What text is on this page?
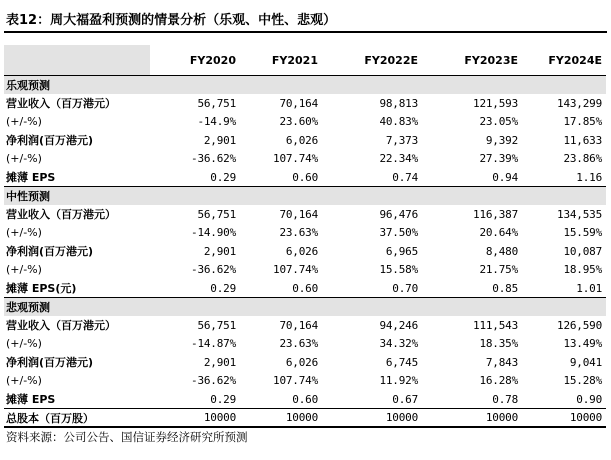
表12：周大福盈利预测的情景分析（乐观、中性、悲观）
	FY2020	FY2021	FY2022E	FY2023E	FY2024E
乐观预测					
营业收入（百万港元）	56,751	70,164	98,813	121,593	143,299
(+/-%)	-14.9%	23.60%	40.83%	23.05%	17.85%
净利润(百万港元)	2,901	6,026	7,373	9,392	11,633
(+/-%)	-36.62%	107.74%	22.34%	27.39%	23.86%
摊薄 EPS	0.29	0.60	0.74	0.94	1.16
中性预测					
营业收入（百万港元）	56,751	70,164	96,476	116,387	134,535
(+/-%)	-14.90%	23.63%	37.50%	20.64%	15.59%
净利润(百万港元)	2,901	6,026	6,965	8,480	10,087
(+/-%)	-36.62%	107.74%	15.58%	21.75%	18.95%
摊薄 EPS(元)	0.29	0.60	0.70	0.85	1.01
悲观预测					
营业收入（百万港元）	56,751	70,164	94,246	111,543	126,590
(+/-%)	-14.87%	23.63%	34.32%	18.35%	13.49%
净利润(百万港元)	2,901	6,026	6,745	7,843	9,041
(+/-%)	-36.62%	107.74%	11.92%	16.28%	15.28%
摊薄 EPS	0.29	0.60	0.67	0.78	0.90
总股本（百万股）	10000	10000	10000	10000	10000
资料来源：公司公告、国信证券经济研究所预测
